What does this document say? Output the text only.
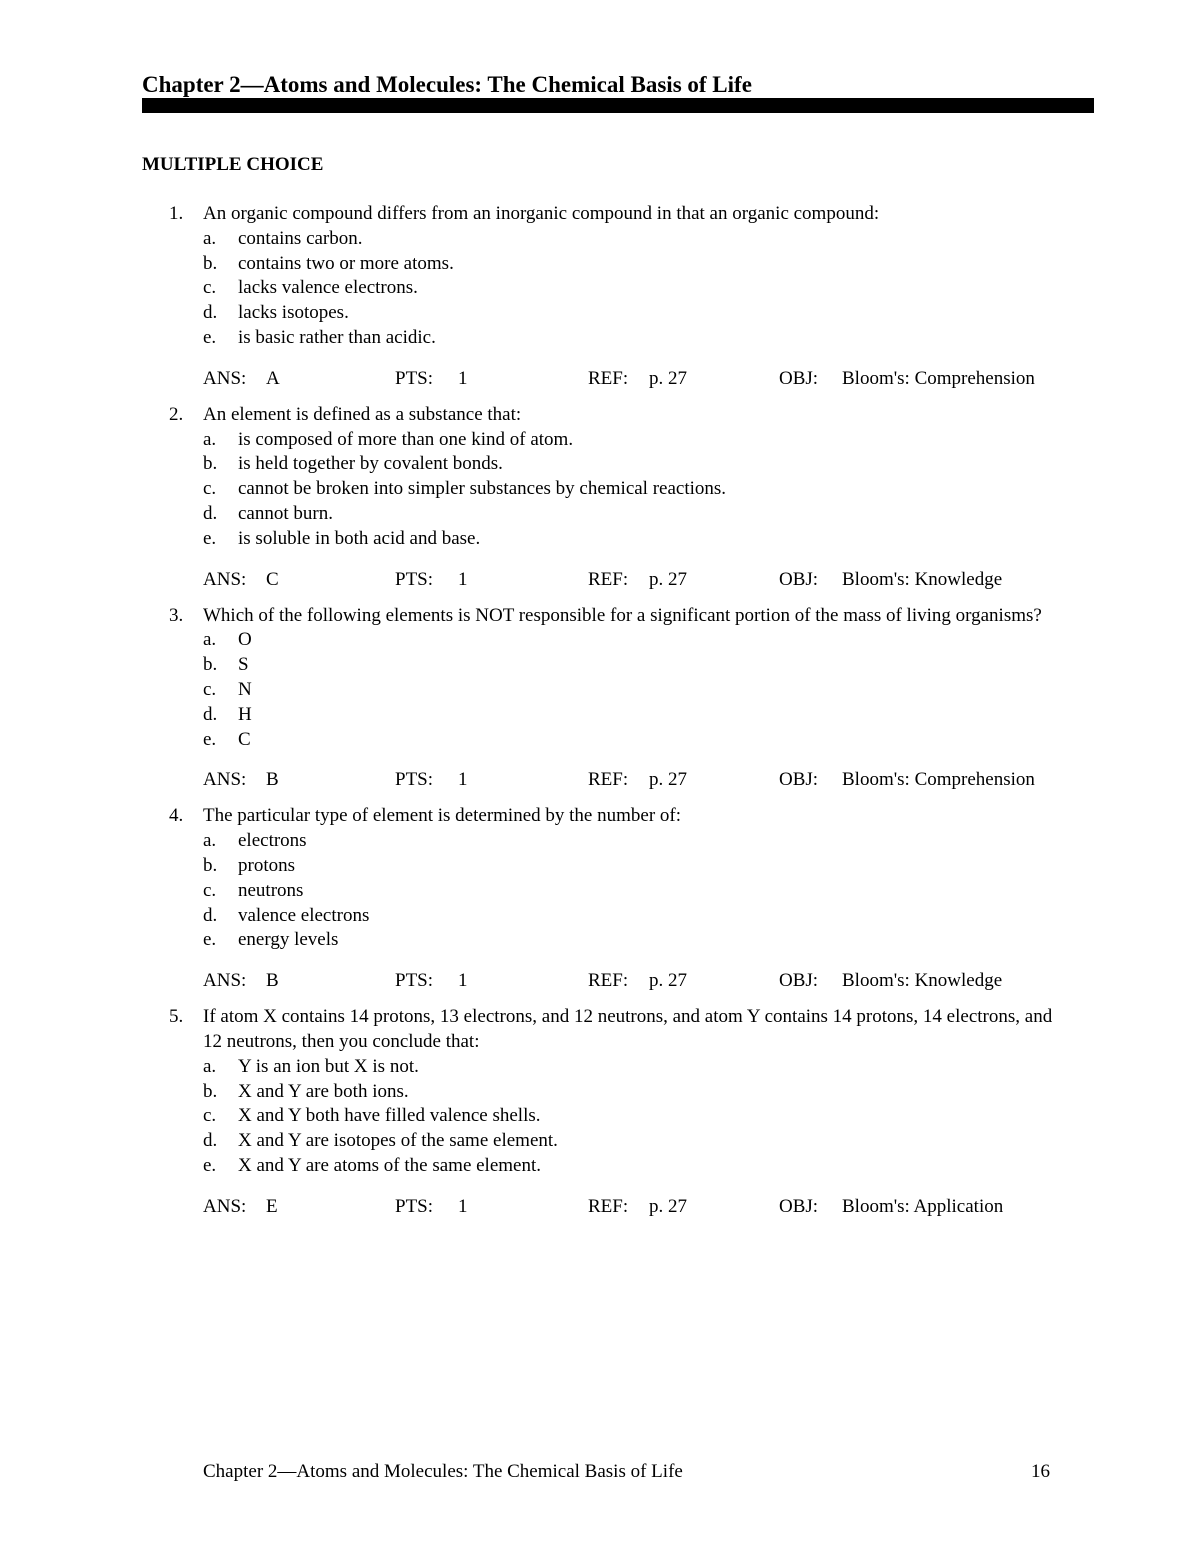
Chapter 2—Atoms and Molecules: The Chemical Basis of Life
MULTIPLE CHOICE
1. An organic compound differs from an inorganic compound in that an organic compound:
a. contains carbon.
b. contains two or more atoms.
c. lacks valence electrons.
d. lacks isotopes.
e. is basic rather than acidic.
ANS: A	PTS: 1	REF: p. 27	OBJ: Bloom's: Comprehension
2. An element is defined as a substance that:
a. is composed of more than one kind of atom.
b. is held together by covalent bonds.
c. cannot be broken into simpler substances by chemical reactions.
d. cannot burn.
e. is soluble in both acid and base.
ANS: C	PTS: 1	REF: p. 27	OBJ: Bloom's: Knowledge
3. Which of the following elements is NOT responsible for a significant portion of the mass of living organisms?
a. O
b. S
c. N
d. H
e. C
ANS: B	PTS: 1	REF: p. 27	OBJ: Bloom's: Comprehension
4. The particular type of element is determined by the number of:
a. electrons
b. protons
c. neutrons
d. valence electrons
e. energy levels
ANS: B	PTS: 1	REF: p. 27	OBJ: Bloom's: Knowledge
5. If atom X contains 14 protons, 13 electrons, and 12 neutrons, and atom Y contains 14 protons, 14 electrons, and 12 neutrons, then you conclude that:
a. Y is an ion but X is not.
b. X and Y are both ions.
c. X and Y both have filled valence shells.
d. X and Y are isotopes of the same element.
e. X and Y are atoms of the same element.
ANS: E	PTS: 1	REF: p. 27	OBJ: Bloom's: Application
Chapter 2—Atoms and Molecules: The Chemical Basis of Life	16
